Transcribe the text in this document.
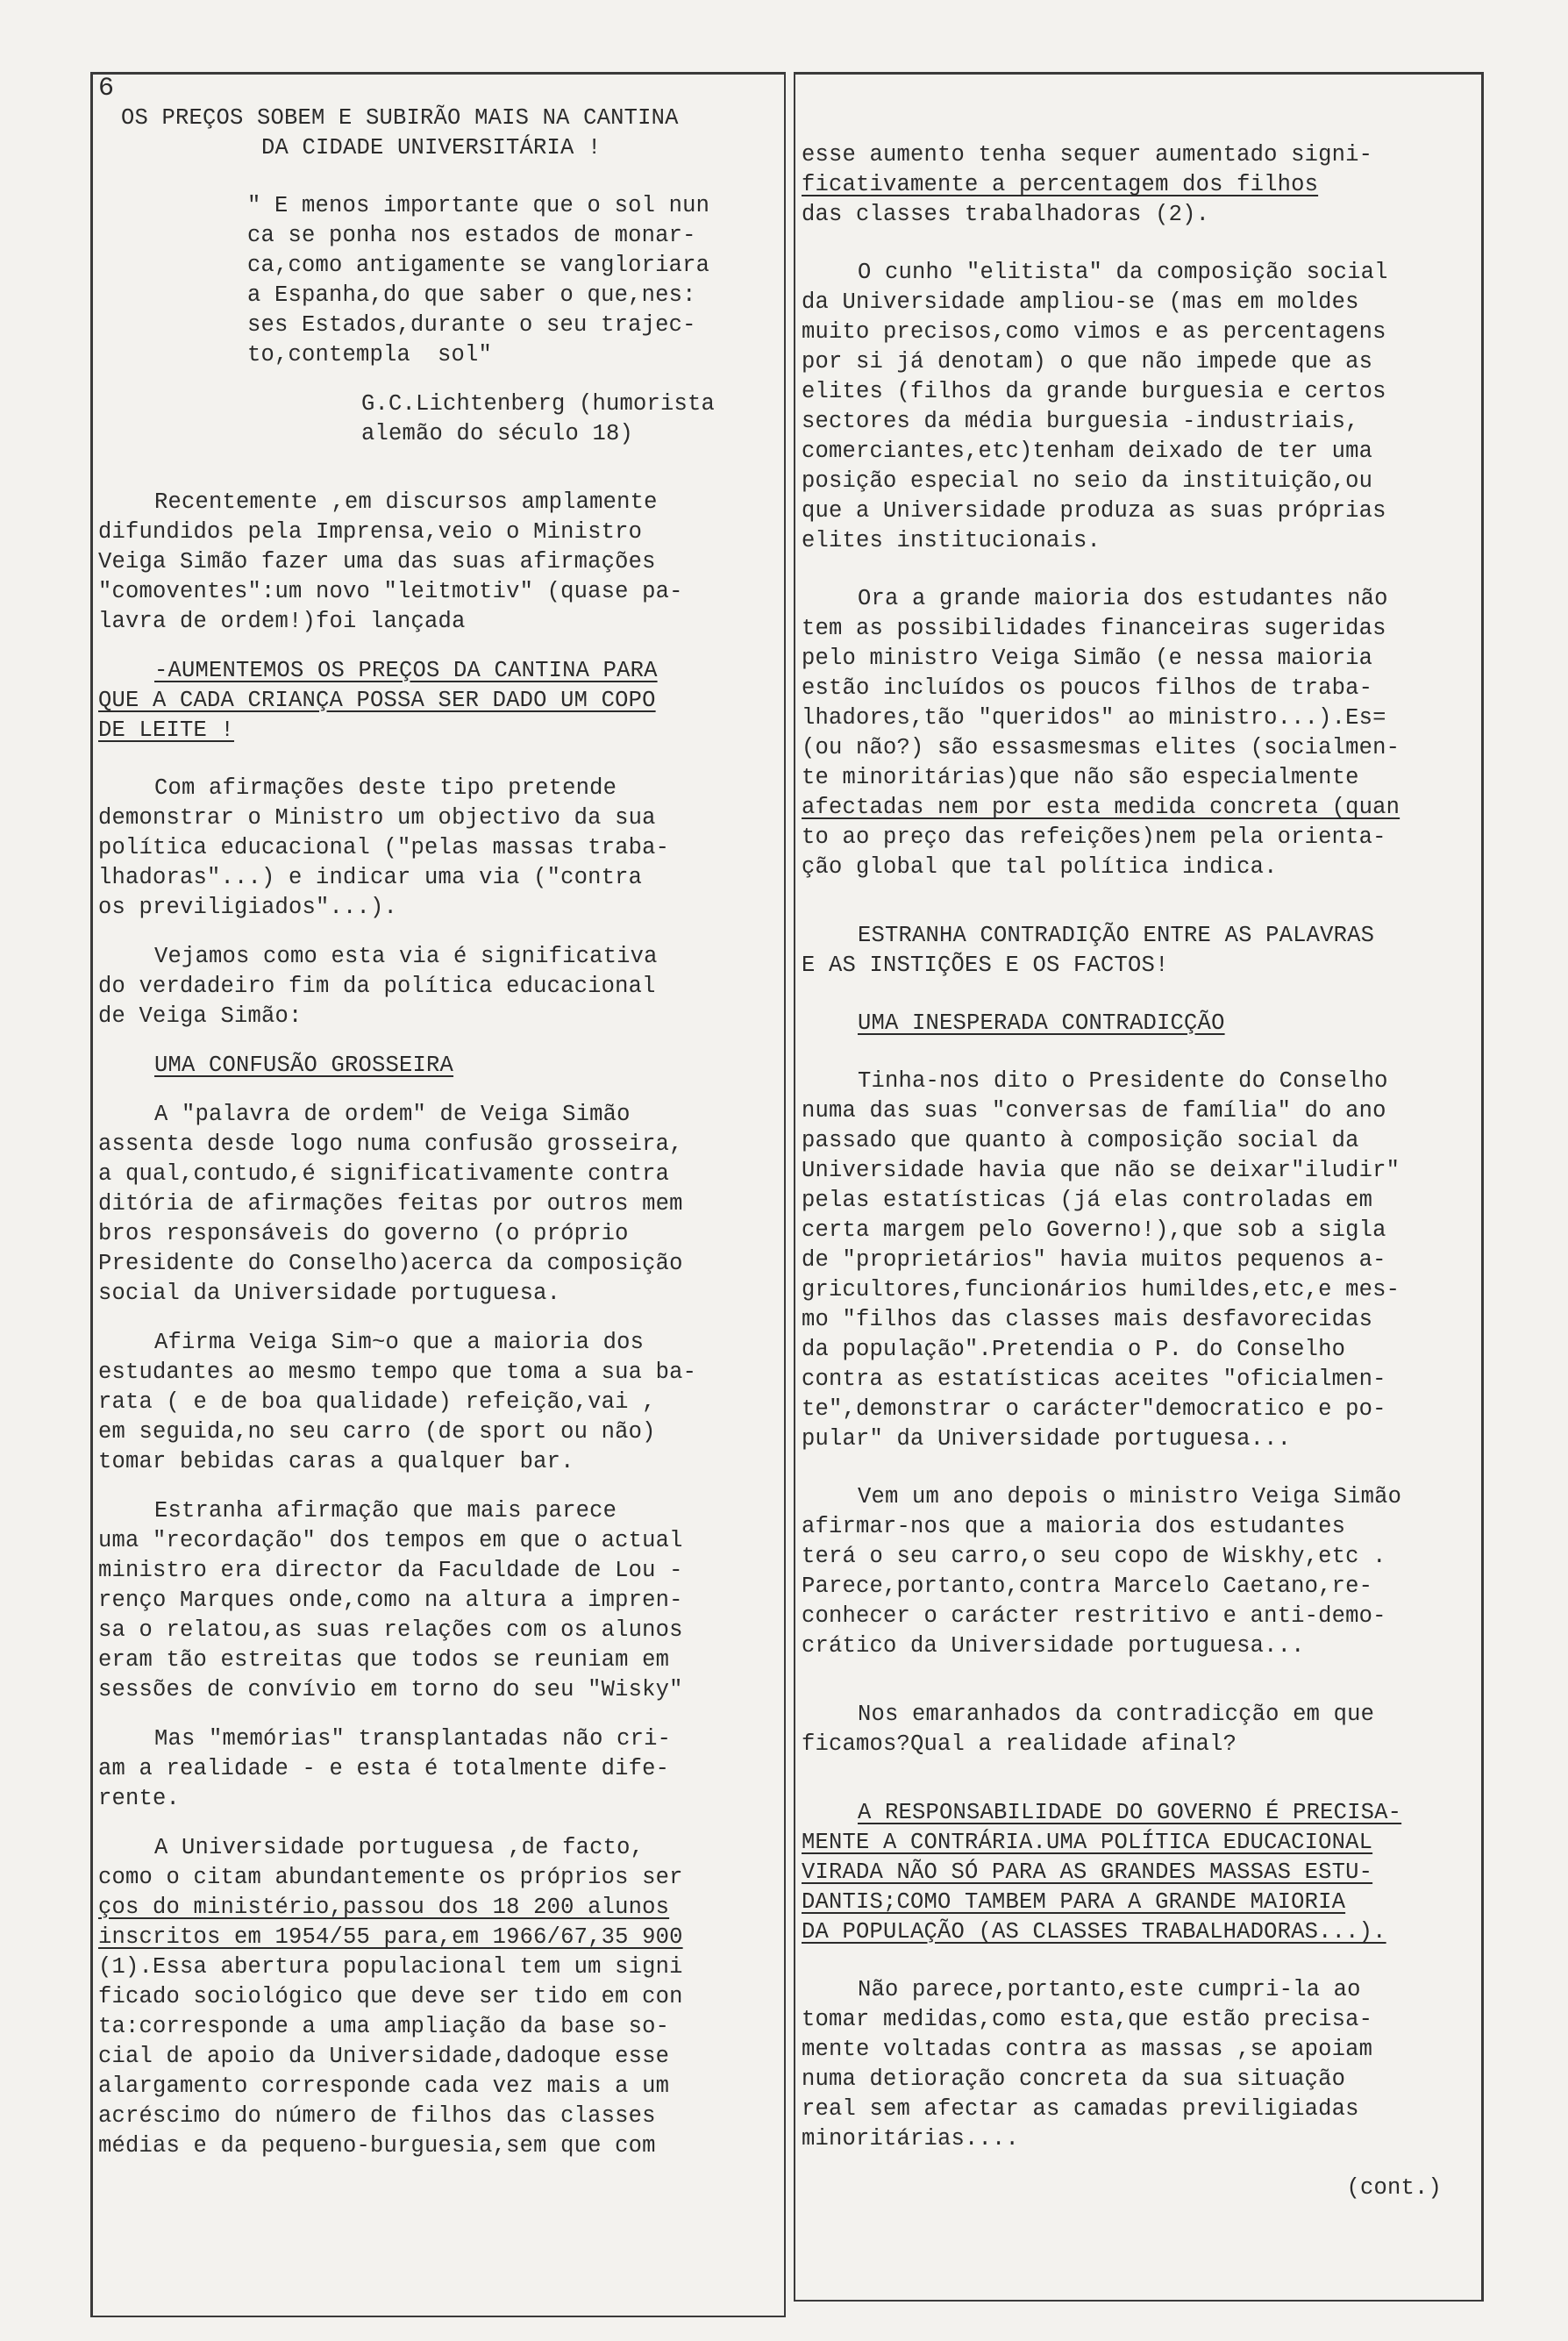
6

OS PREÇOS SOBEM E SUBIRÃO MAIS NA CANTINA

DA CIDADE UNIVERSITÁRIA !

" E menos importante que o sol nun

ca se ponha nos estados de monar-

ca,como antigamente se vangloriara

a Espanha,do que saber o que,nes:

ses Estados,durante o seu trajec-

to,contempla  sol"

G.C.Lichtenberg (humorista

alemão do século 18)

Recentemente ,em discursos amplamente

difundidos pela Imprensa,veio o Ministro

Veiga Simão fazer uma das suas afirmações

"comoventes":um novo "leitmotiv" (quase pa-

lavra de ordem!)foi lançada

-AUMENTEMOS OS PREÇOS DA CANTINA PARA

QUE A CADA CRIANÇA POSSA SER DADO UM COPO

DE LEITE !

Com afirmações deste tipo pretende

demonstrar o Ministro um objectivo da sua

política educacional ("pelas massas traba-

lhadoras"...) e indicar uma via ("contra

os previligiados"...).

Vejamos como esta via é significativa

do verdadeiro fim da política educacional

de Veiga Simão:

UMA CONFUSÃO GROSSEIRA

A "palavra de ordem" de Veiga Simão

assenta desde logo numa confusão grosseira,

a qual,contudo,é significativamente contra

ditória de afirmações feitas por outros mem

bros responsáveis do governo (o próprio

Presidente do Conselho)acerca da composição

social da Universidade portuguesa.

Afirma Veiga Sim~o que a maioria dos

estudantes ao mesmo tempo que toma a sua ba-

rata ( e de boa qualidade) refeição,vai ,

em seguida,no seu carro (de sport ou não)

tomar bebidas caras a qualquer bar.

Estranha afirmação que mais parece

uma "recordação" dos tempos em que o actual

ministro era director da Faculdade de Lou -

renço Marques onde,como na altura a impren-

sa o relatou,as suas relações com os alunos

eram tão estreitas que todos se reuniam em

sessões de convívio em torno do seu "Wisky"

Mas "memórias" transplantadas não cri-

am a realidade - e esta é totalmente dife-

rente.

A Universidade portuguesa ,de facto,

como o citam abundantemente os próprios ser

ços do ministério,passou dos 18 200 alunos

inscritos em 1954/55 para,em 1966/67,35 900

(1).Essa abertura populacional tem um signi

ficado sociológico que deve ser tido em con

ta:corresponde a uma ampliação da base so-

cial de apoio da Universidade,dadoque esse

alargamento corresponde cada vez mais a um

acréscimo do número de filhos das classes

médias e da pequeno-burguesia,sem que com

esse aumento tenha sequer aumentado signi-

ficativamente a percentagem dos filhos

das classes trabalhadoras (2).

O cunho "elitista" da composição social

da Universidade ampliou-se (mas em moldes

muito precisos,como vimos e as percentagens

por si já denotam) o que não impede que as

elites (filhos da grande burguesia e certos

sectores da média burguesia -industriais,

comerciantes,etc)tenham deixado de ter uma

posição especial no seio da instituição,ou

que a Universidade produza as suas próprias

elites institucionais.

Ora a grande maioria dos estudantes não

tem as possibilidades financeiras sugeridas

pelo ministro Veiga Simão (e nessa maioria

estão incluídos os poucos filhos de traba-

lhadores,tão "queridos" ao ministro...).Es=

(ou não?) são essasmesmas elites (socialmen-

te minoritárias)que não são especialmente

afectadas nem por esta medida concreta (quan

to ao preço das refeições)nem pela orienta-

ção global que tal política indica.

ESTRANHA CONTRADIÇÃO ENTRE AS PALAVRAS

E AS INSTIÇÕES E OS FACTOS!

UMA INESPERADA CONTRADICÇÃO

Tinha-nos dito o Presidente do Conselho

numa das suas "conversas de família" do ano

passado que quanto à composição social da

Universidade havia que não se deixar"iludir"

pelas estatísticas (já elas controladas em

certa margem pelo Governo!),que sob a sigla

de "proprietários" havia muitos pequenos a-

gricultores,funcionários humildes,etc,e mes-

mo "filhos das classes mais desfavorecidas

da população".Pretendia o P. do Conselho

contra as estatísticas aceites "oficialmen-

te",demonstrar o carácter"democratico e po-

pular" da Universidade portuguesa...

Vem um ano depois o ministro Veiga Simão

afirmar-nos que a maioria dos estudantes

terá o seu carro,o seu copo de Wiskhy,etc .

Parece,portanto,contra Marcelo Caetano,re-

conhecer o carácter restritivo e anti-demo-

crático da Universidade portuguesa...

Nos emaranhados da contradicção em que

ficamos?Qual a realidade afinal?

A RESPONSABILIDADE DO GOVERNO É PRECISA-

MENTE A CONTRÁRIA.UMA POLÍTICA EDUCACIONAL

VIRADA NÃO SÓ PARA AS GRANDES MASSAS ESTU-

DANTIS;COMO TAMBEM PARA A GRANDE MAIORIA

DA POPULAÇÃO (AS CLASSES TRABALHADORAS...).

Não parece,portanto,este cumpri-la ao

tomar medidas,como esta,que estão precisa-

mente voltadas contra as massas ,se apoiam

numa detioração concreta da sua situação

real sem afectar as camadas previligiadas

minoritárias....

(cont.)
